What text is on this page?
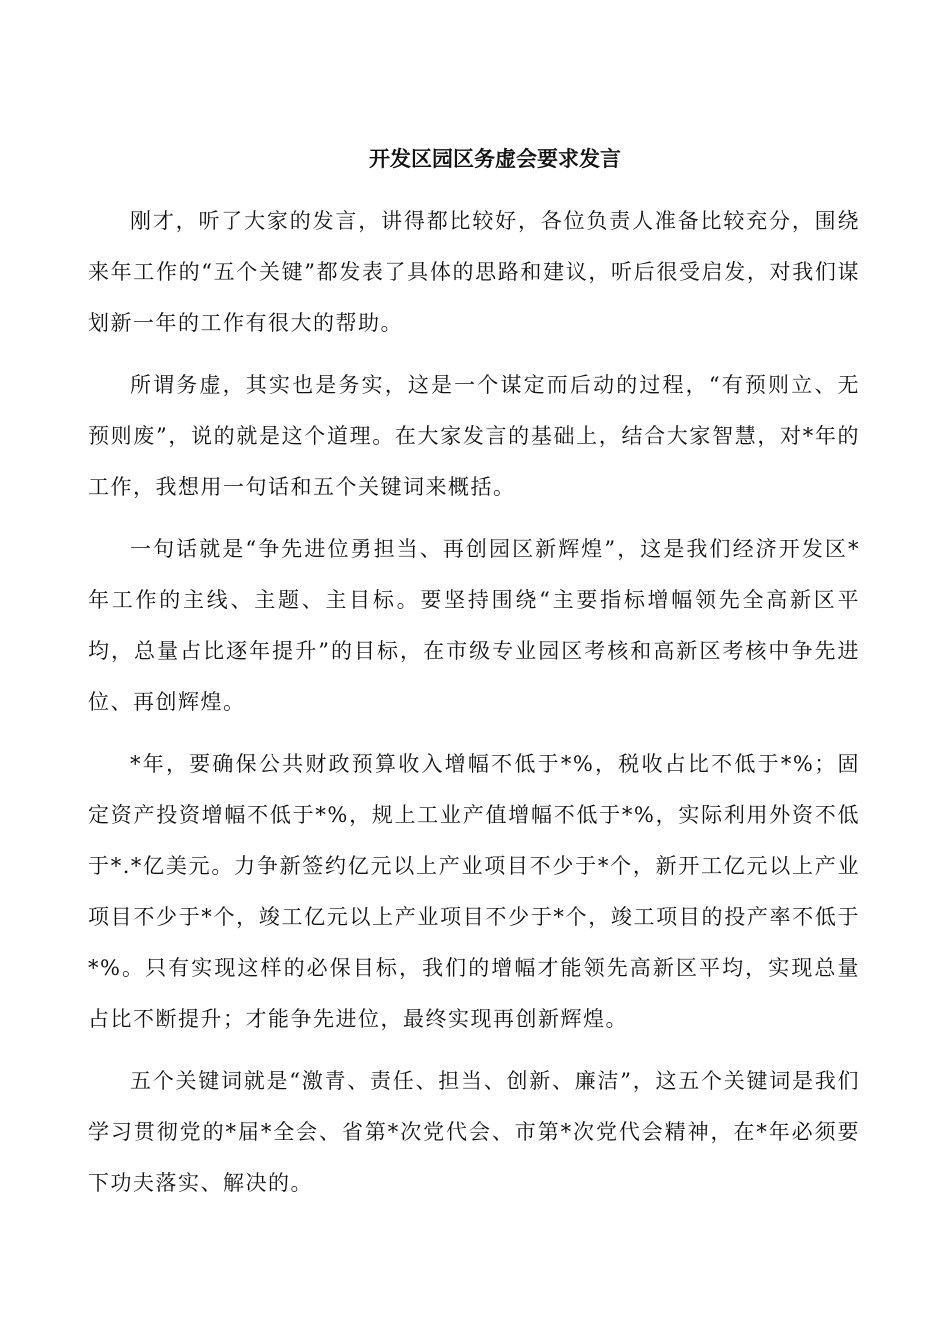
开发区园区务虚会要求发言

刚才，听了大家的发言，讲得都比较好，各位负责人准备比较充分，围绕来年工作的“五个关键”都发表了具体的思路和建议，听后很受启发，对我们谋划新一年的工作有很大的帮助。

所谓务虚，其实也是务实，这是一个谋定而后动的过程，“有预则立、无预则废”，说的就是这个道理。在大家发言的基础上，结合大家智慧，对*年的工作，我想用一句话和五个关键词来概括。

一句话就是“争先进位勇担当、再创园区新辉煌”，这是我们经济开发区*年工作的主线、主题、主目标。要坚持围绕“主要指标增幅领先全高新区平均，总量占比逐年提升”的目标，在市级专业园区考核和高新区考核中争先进位、再创辉煌。

*年，要确保公共财政预算收入增幅不低于*%，税收占比不低于*%；固定资产投资增幅不低于*%，规上工业产值增幅不低于*%，实际利用外资不低于*.*亿美元。力争新签约亿元以上产业项目不少于*个，新开工亿元以上产业项目不少于*个，竣工亿元以上产业项目不少于*个，竣工项目的投产率不低于*%。只有实现这样的必保目标，我们的增幅才能领先高新区平均，实现总量占比不断提升；才能争先进位，最终实现再创新辉煌。

五个关键词就是“激青、责任、担当、创新、廉洁”，这五个关键词是我们学习贯彻党的*届*全会、省第*次党代会、市第*次党代会精神，在*年必须要下功夫落实、解决的。
